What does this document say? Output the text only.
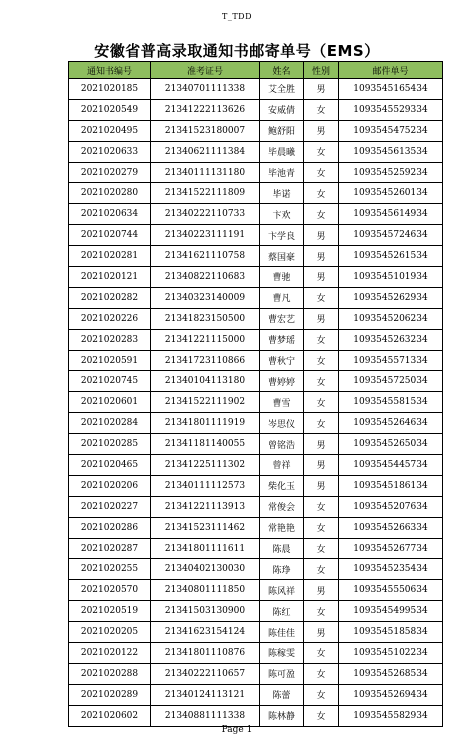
T_TDD
安徽省普高录取通知书邮寄单号（EMS）
通知书编号	准考证号	姓名	性别	邮件单号
2021020185	21340701111338	艾全胜	男	1093545165434
2021020549	21341222113626	安威倩	女	1093545529334
2021020495	21341523180007	鲍舒阳	男	1093545475234
2021020633	21340621111384	毕晨曦	女	1093545613534
2021020279	21340111131180	毕池青	女	1093545259234
2021020280	21341522111809	毕诺	女	1093545260134
2021020634	21340222110733	卞欢	女	1093545614934
2021020744	21340223111191	卞学良	男	1093545724634
2021020281	21341621110758	蔡国豪	男	1093545261534
2021020121	21340822110683	曹驰	男	1093545101934
2021020282	21340323140009	曹凡	女	1093545262934
2021020226	21341823150500	曹宏艺	男	1093545206234
2021020283	21341221115000	曹梦瑶	女	1093545263234
2021020591	21341723110866	曹秋宁	女	1093545571334
2021020745	21340104113180	曹婷婷	女	1093545725034
2021020601	21341522111902	曹雪	女	1093545581534
2021020284	21341801111919	岑思仪	女	1093545264634
2021020285	21341181140055	曾铭浩	男	1093545265034
2021020465	21341225111302	曾祥	男	1093545445734
2021020206	21340111112573	柴化玉	男	1093545186134
2021020227	21341221113913	常俊会	女	1093545207634
2021020286	21341523111462	常艳艳	女	1093545266334
2021020287	21341801111611	陈晨	女	1093545267734
2021020255	21340402130030	陈琤	女	1093545235434
2021020570	21340801111850	陈风祥	男	1093545550634
2021020519	21341503130900	陈红	女	1093545499534
2021020205	21341623154124	陈佳佳	男	1093545185834
2021020122	21341801110876	陈稼雯	女	1093545102234
2021020288	21340222110657	陈可盈	女	1093545268534
2021020289	21340124113121	陈蕾	女	1093545269434
2021020602	21340881111338	陈林静	女	1093545582934
Page 1
